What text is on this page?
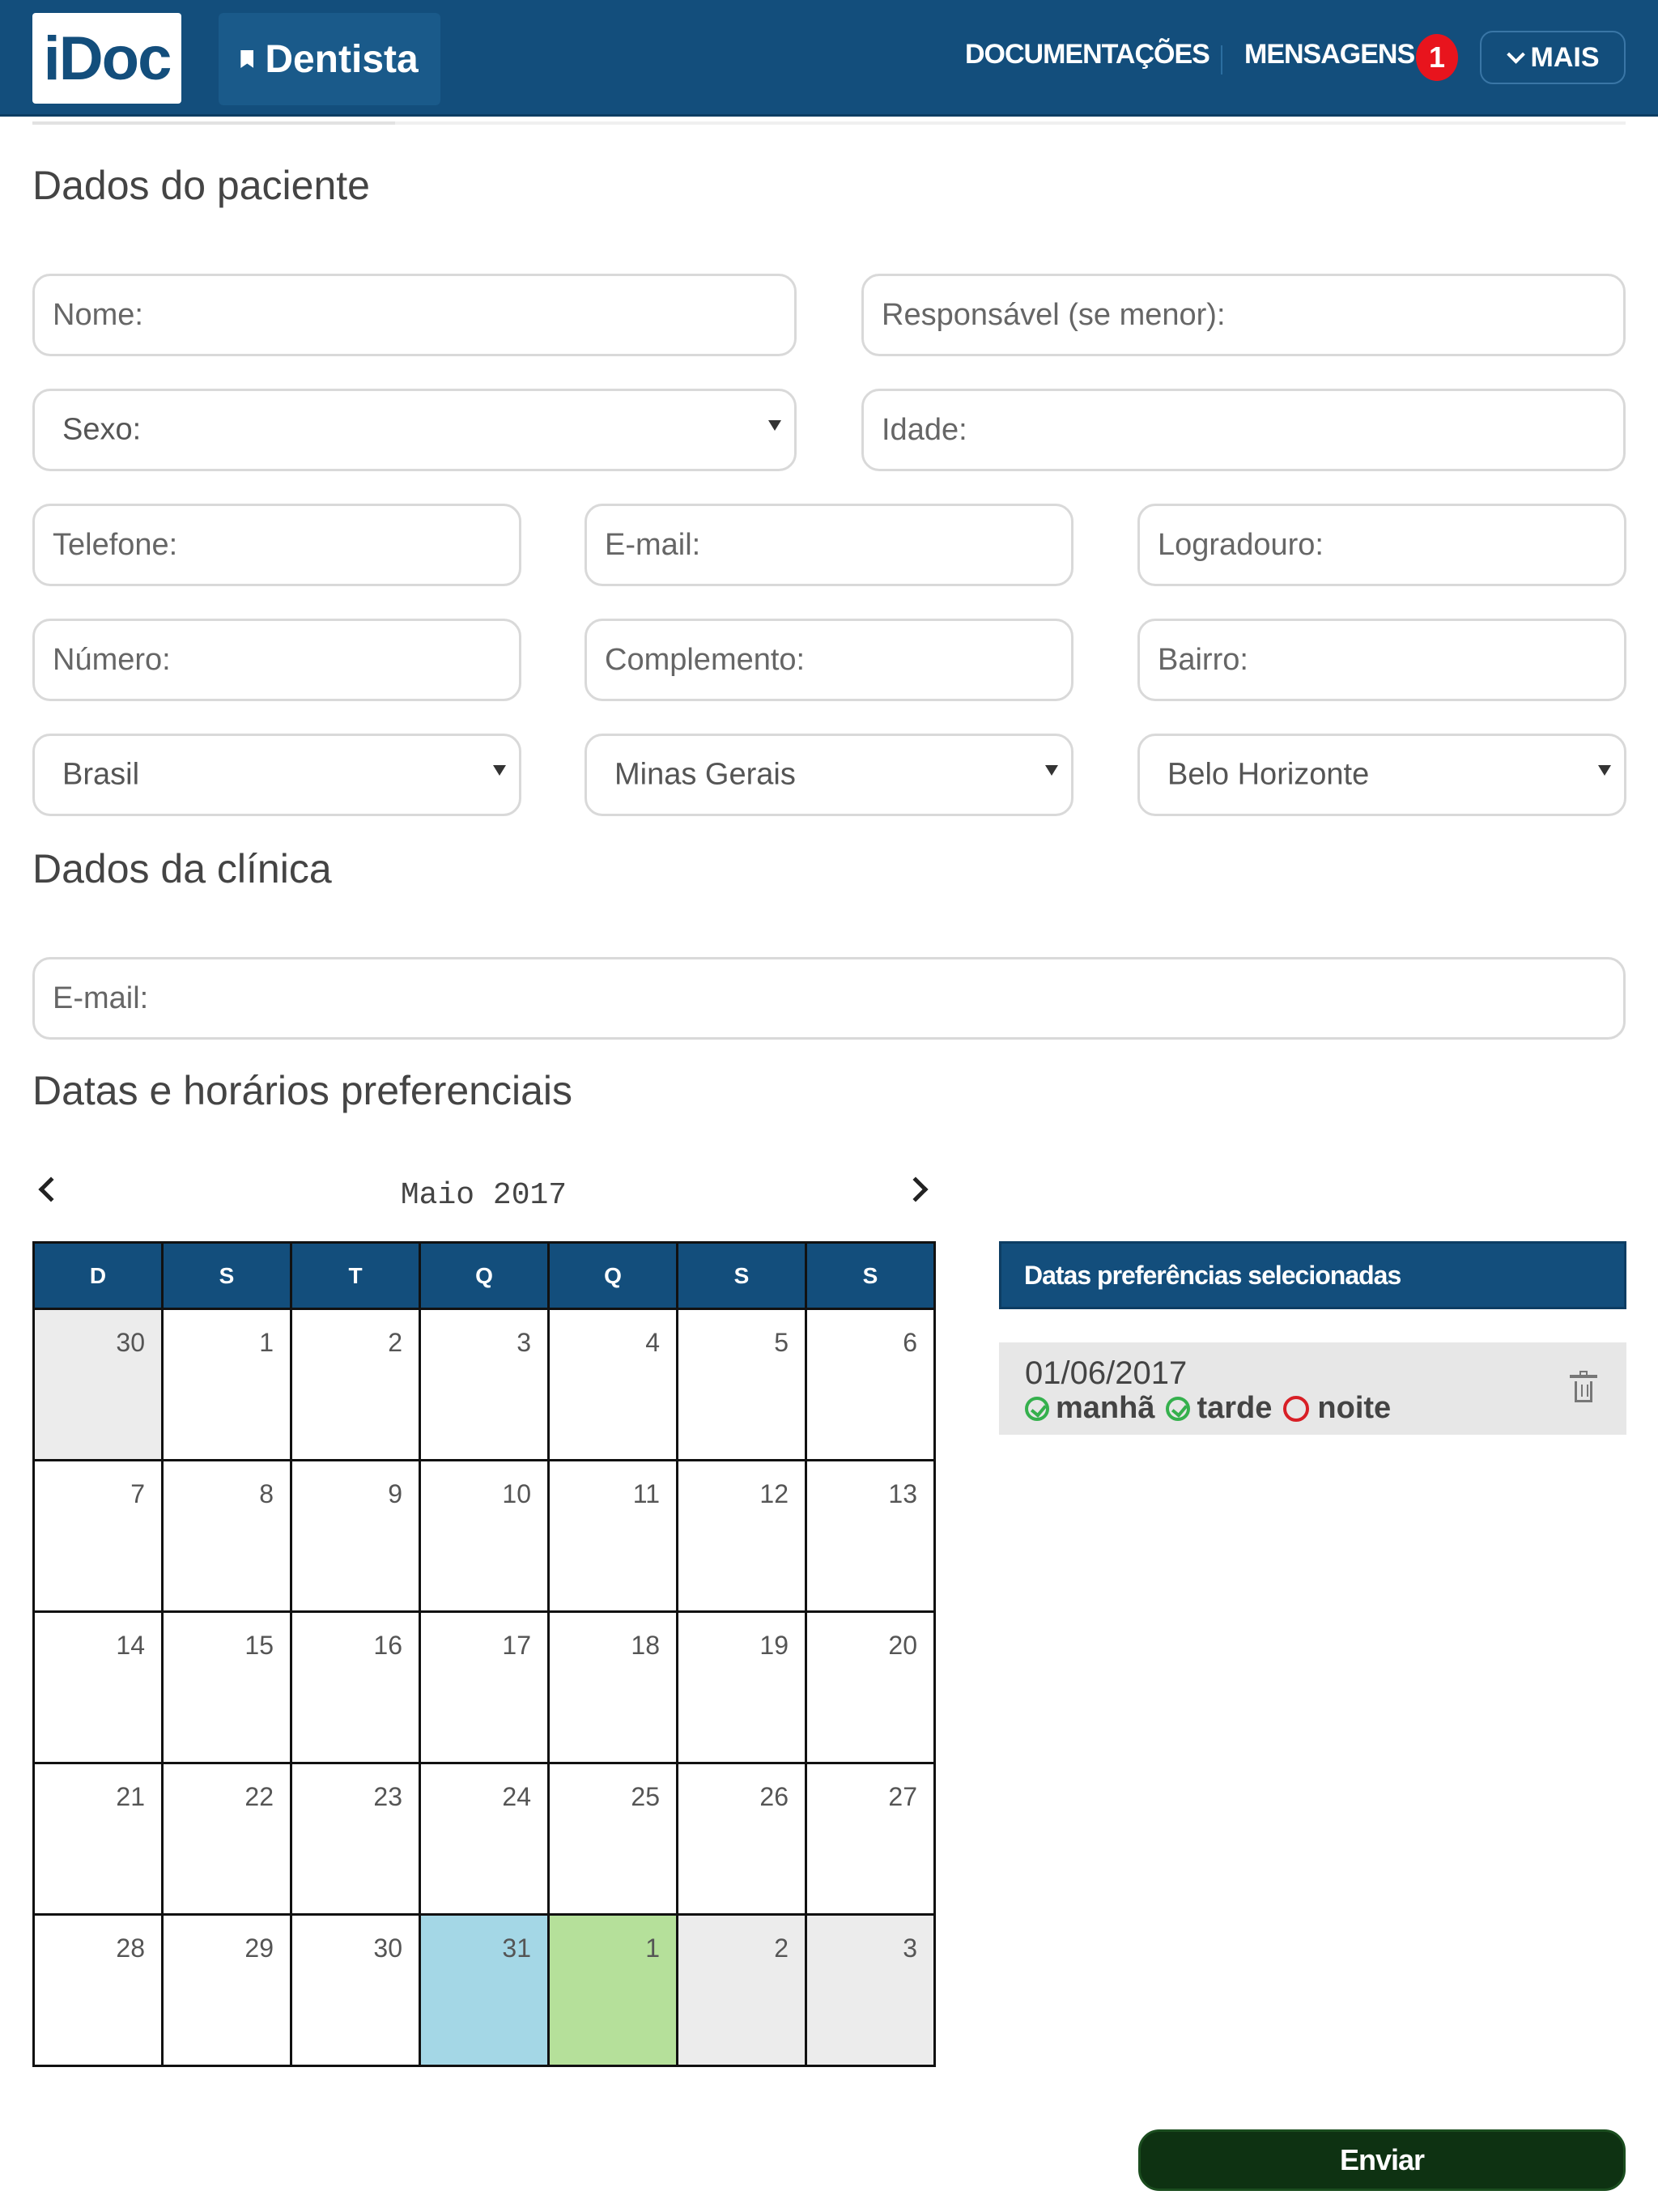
iDoc Dentista	DOCUMENTAÇÕES MENSAGENS 1	MAIS
Dados do paciente
Nome:
Responsável (se menor):
Sexo:
Idade:
Telefone:
E-mail:
Logradouro:
Número:
Complemento:
Bairro:
Brasil	Minas Gerais	Belo Horizonte
Dados da clínica
E-mail:
Datas e horários preferenciais
Maio 2017
D	S	T	Q	Q	S	S
30	1	2	3	4	5	6
7	8	9	10	11	12	13
14	15	16	17	18	19	20
21	22	23	24	25	26	27
28	29	30	31	1	2	3
Datas preferências selecionadas
01/06/2017
manhã tarde noite
Enviar
